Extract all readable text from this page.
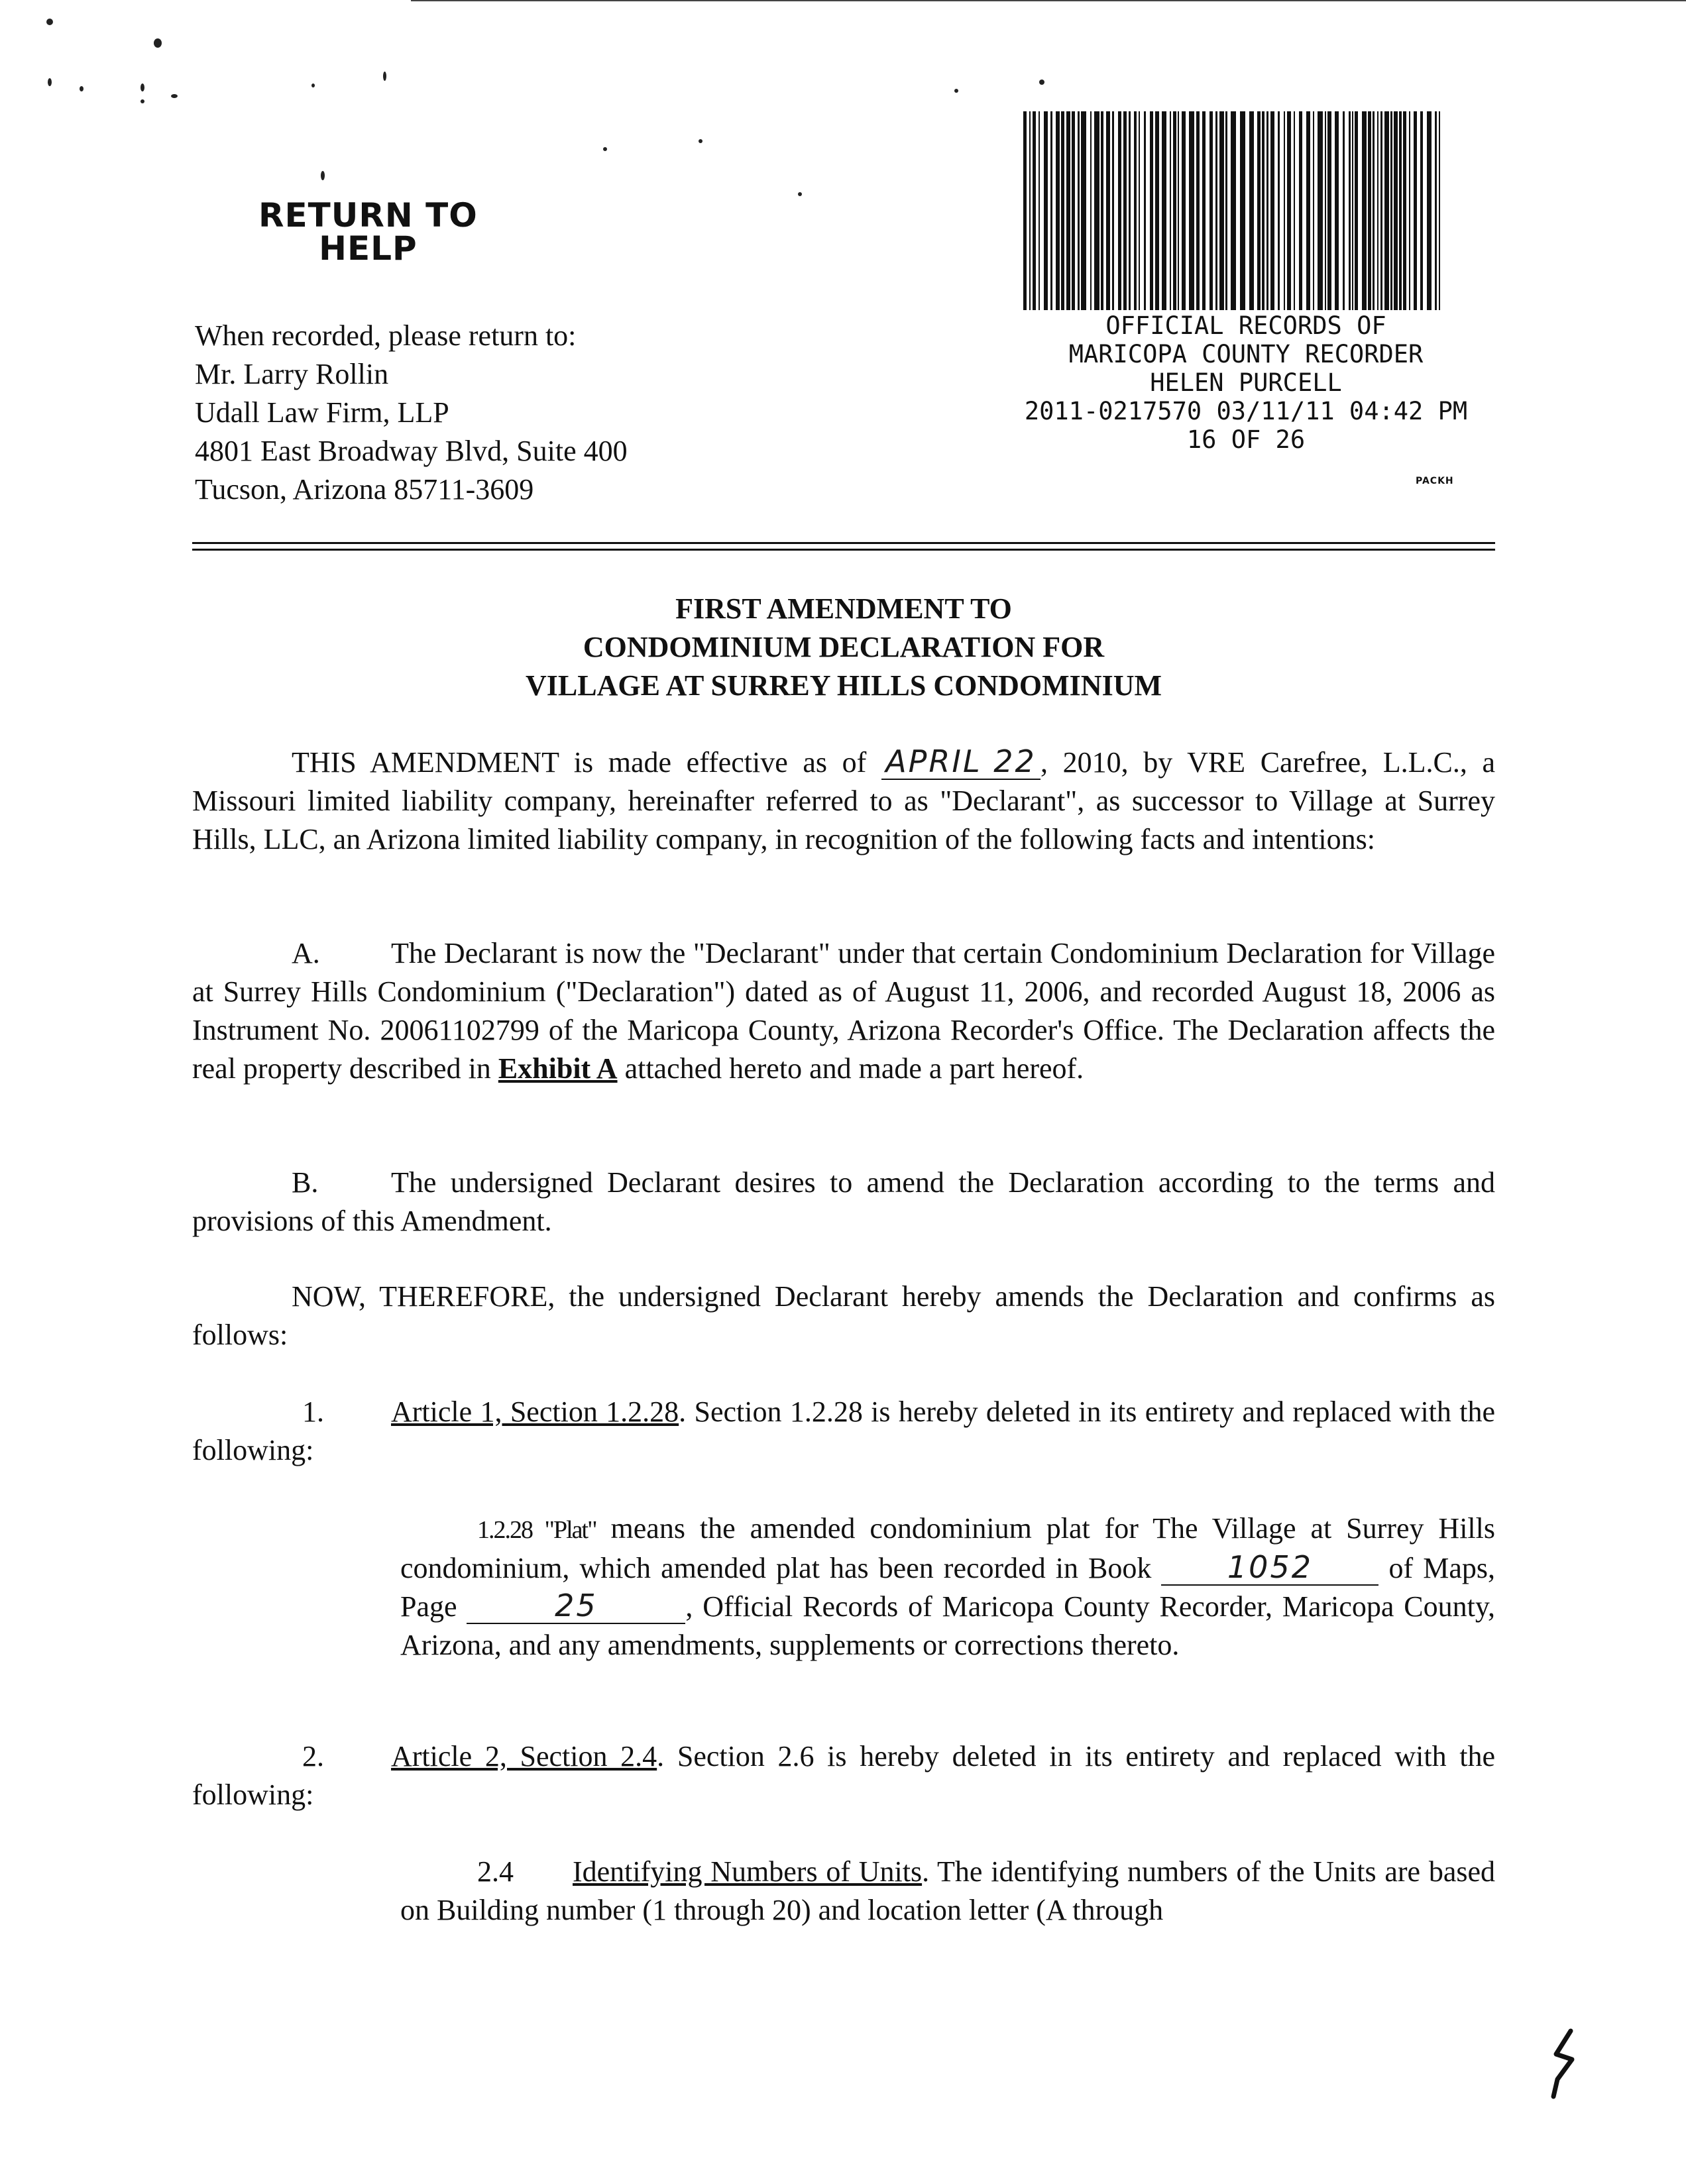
RETURN TO
HELP
When recorded, please return to:
Mr. Larry Rollin
Udall Law Firm, LLP
4801 East Broadway Blvd, Suite 400
Tucson, Arizona 85711-3609
OFFICIAL RECORDS OF
MARICOPA COUNTY RECORDER
HELEN PURCELL
2011-0217570 03/11/11 04:42 PM
16 OF 26
PACKH
FIRST AMENDMENT TO
CONDOMINIUM DECLARATION FOR
VILLAGE AT SURREY HILLS CONDOMINIUM
THIS AMENDMENT is made effective as of APRIL 22 , 2010, by VRE Carefree, L.L.C., a Missouri limited liability company, hereinafter referred to as "Declarant", as successor to Village at Surrey Hills, LLC, an Arizona limited liability company, in recognition of the following facts and intentions:
A. The Declarant is now the "Declarant" under that certain Condominium Declaration for Village at Surrey Hills Condominium ("Declaration") dated as of August 11, 2006, and recorded August 18, 2006 as Instrument No. 20061102799 of the Maricopa County, Arizona Recorder's Office. The Declaration affects the real property described in Exhibit A attached hereto and made a part hereof.
B. The undersigned Declarant desires to amend the Declaration according to the terms and provisions of this Amendment.
NOW, THEREFORE, the undersigned Declarant hereby amends the Declaration and confirms as follows:
1. Article 1, Section 1.2.28. Section 1.2.28 is hereby deleted in its entirety and replaced with the following:
1.2.28 "Plat" means the amended condominium plat for The Village at Surrey Hills condominium, which amended plat has been recorded in Book 1052	of Maps, Page	25	, Official Records of Maricopa County Recorder, Maricopa County, Arizona, and any amendments, supplements or corrections thereto.
2. Article 2, Section 2.4. Section 2.6 is hereby deleted in its entirety and replaced with the following:
2.4 Identifying Numbers of Units. The identifying numbers of the Units are based on Building number (1 through 20) and location letter (A through
